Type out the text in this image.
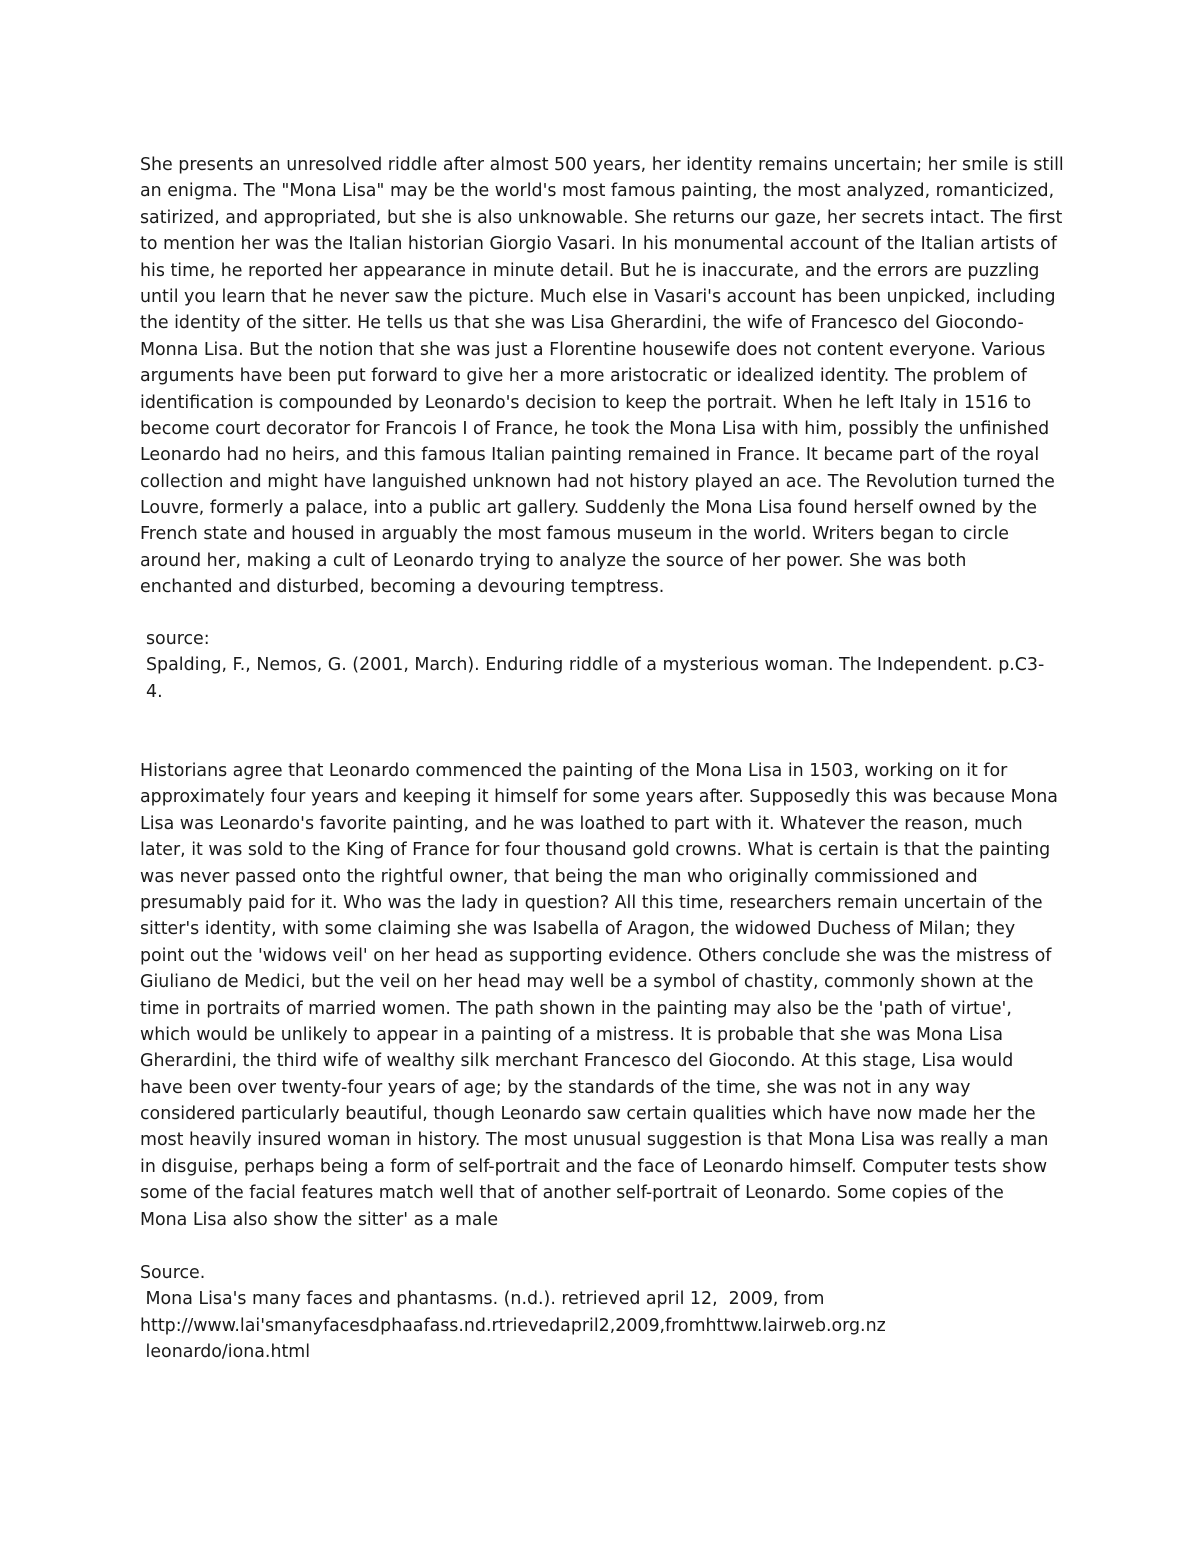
She presents an unresolved riddle after almost 500 years, her identity remains uncertain; her smile is still
an enigma. The "Mona Lisa" may be the world's most famous painting, the most analyzed, romanticized,
satirized, and appropriated, but she is also unknowable. She returns our gaze, her secrets intact. The first
to mention her was the Italian historian Giorgio Vasari. In his monumental account of the Italian artists of
his time, he reported her appearance in minute detail. But he is inaccurate, and the errors are puzzling
until you learn that he never saw the picture. Much else in Vasari's account has been unpicked, including
the identity of the sitter. He tells us that she was Lisa Gherardini, the wife of Francesco del Giocondo-
Monna Lisa. But the notion that she was just a Florentine housewife does not content everyone. Various
arguments have been put forward to give her a more aristocratic or idealized identity. The problem of
identification is compounded by Leonardo's decision to keep the portrait. When he left Italy in 1516 to
become court decorator for Francois I of France, he took the Mona Lisa with him, possibly the unfinished
Leonardo had no heirs, and this famous Italian painting remained in France. It became part of the royal
collection and might have languished unknown had not history played an ace. The Revolution turned the
Louvre, formerly a palace, into a public art gallery. Suddenly the Mona Lisa found herself owned by the
French state and housed in arguably the most famous museum in the world. Writers began to circle
around her, making a cult of Leonardo trying to analyze the source of her power. She was both
enchanted and disturbed, becoming a devouring temptress.
source:
Spalding, F., Nemos, G. (2001, March). Enduring riddle of a mysterious woman. The Independent. p.C3-
4.
Historians agree that Leonardo commenced the painting of the Mona Lisa in 1503, working on it for
approximately four years and keeping it himself for some years after. Supposedly this was because Mona
Lisa was Leonardo's favorite painting, and he was loathed to part with it. Whatever the reason, much
later, it was sold to the King of France for four thousand gold crowns. What is certain is that the painting
was never passed onto the rightful owner, that being the man who originally commissioned and
presumably paid for it. Who was the lady in question? All this time, researchers remain uncertain of the
sitter's identity, with some claiming she was Isabella of Aragon, the widowed Duchess of Milan; they
point out the 'widows veil' on her head as supporting evidence. Others conclude she was the mistress of
Giuliano de Medici, but the veil on her head may well be a symbol of chastity, commonly shown at the
time in portraits of married women. The path shown in the painting may also be the 'path of virtue',
which would be unlikely to appear in a painting of a mistress. It is probable that she was Mona Lisa
Gherardini, the third wife of wealthy silk merchant Francesco del Giocondo. At this stage, Lisa would
have been over twenty-four years of age; by the standards of the time, she was not in any way
considered particularly beautiful, though Leonardo saw certain qualities which have now made her the
most heavily insured woman in history. The most unusual suggestion is that Mona Lisa was really a man
in disguise, perhaps being a form of self-portrait and the face of Leonardo himself. Computer tests show
some of the facial features match well that of another self-portrait of Leonardo. Some copies of the
Mona Lisa also show the sitter' as a male
Source.
Mona Lisa's many faces and phantasms. (n.d.). retrieved april 12,  2009, from
http://www.lai'smanyfacesdphaafass.nd.rtrievedapril2,2009,fromhttww.lairweb.org.nz
leonardo/iona.html
